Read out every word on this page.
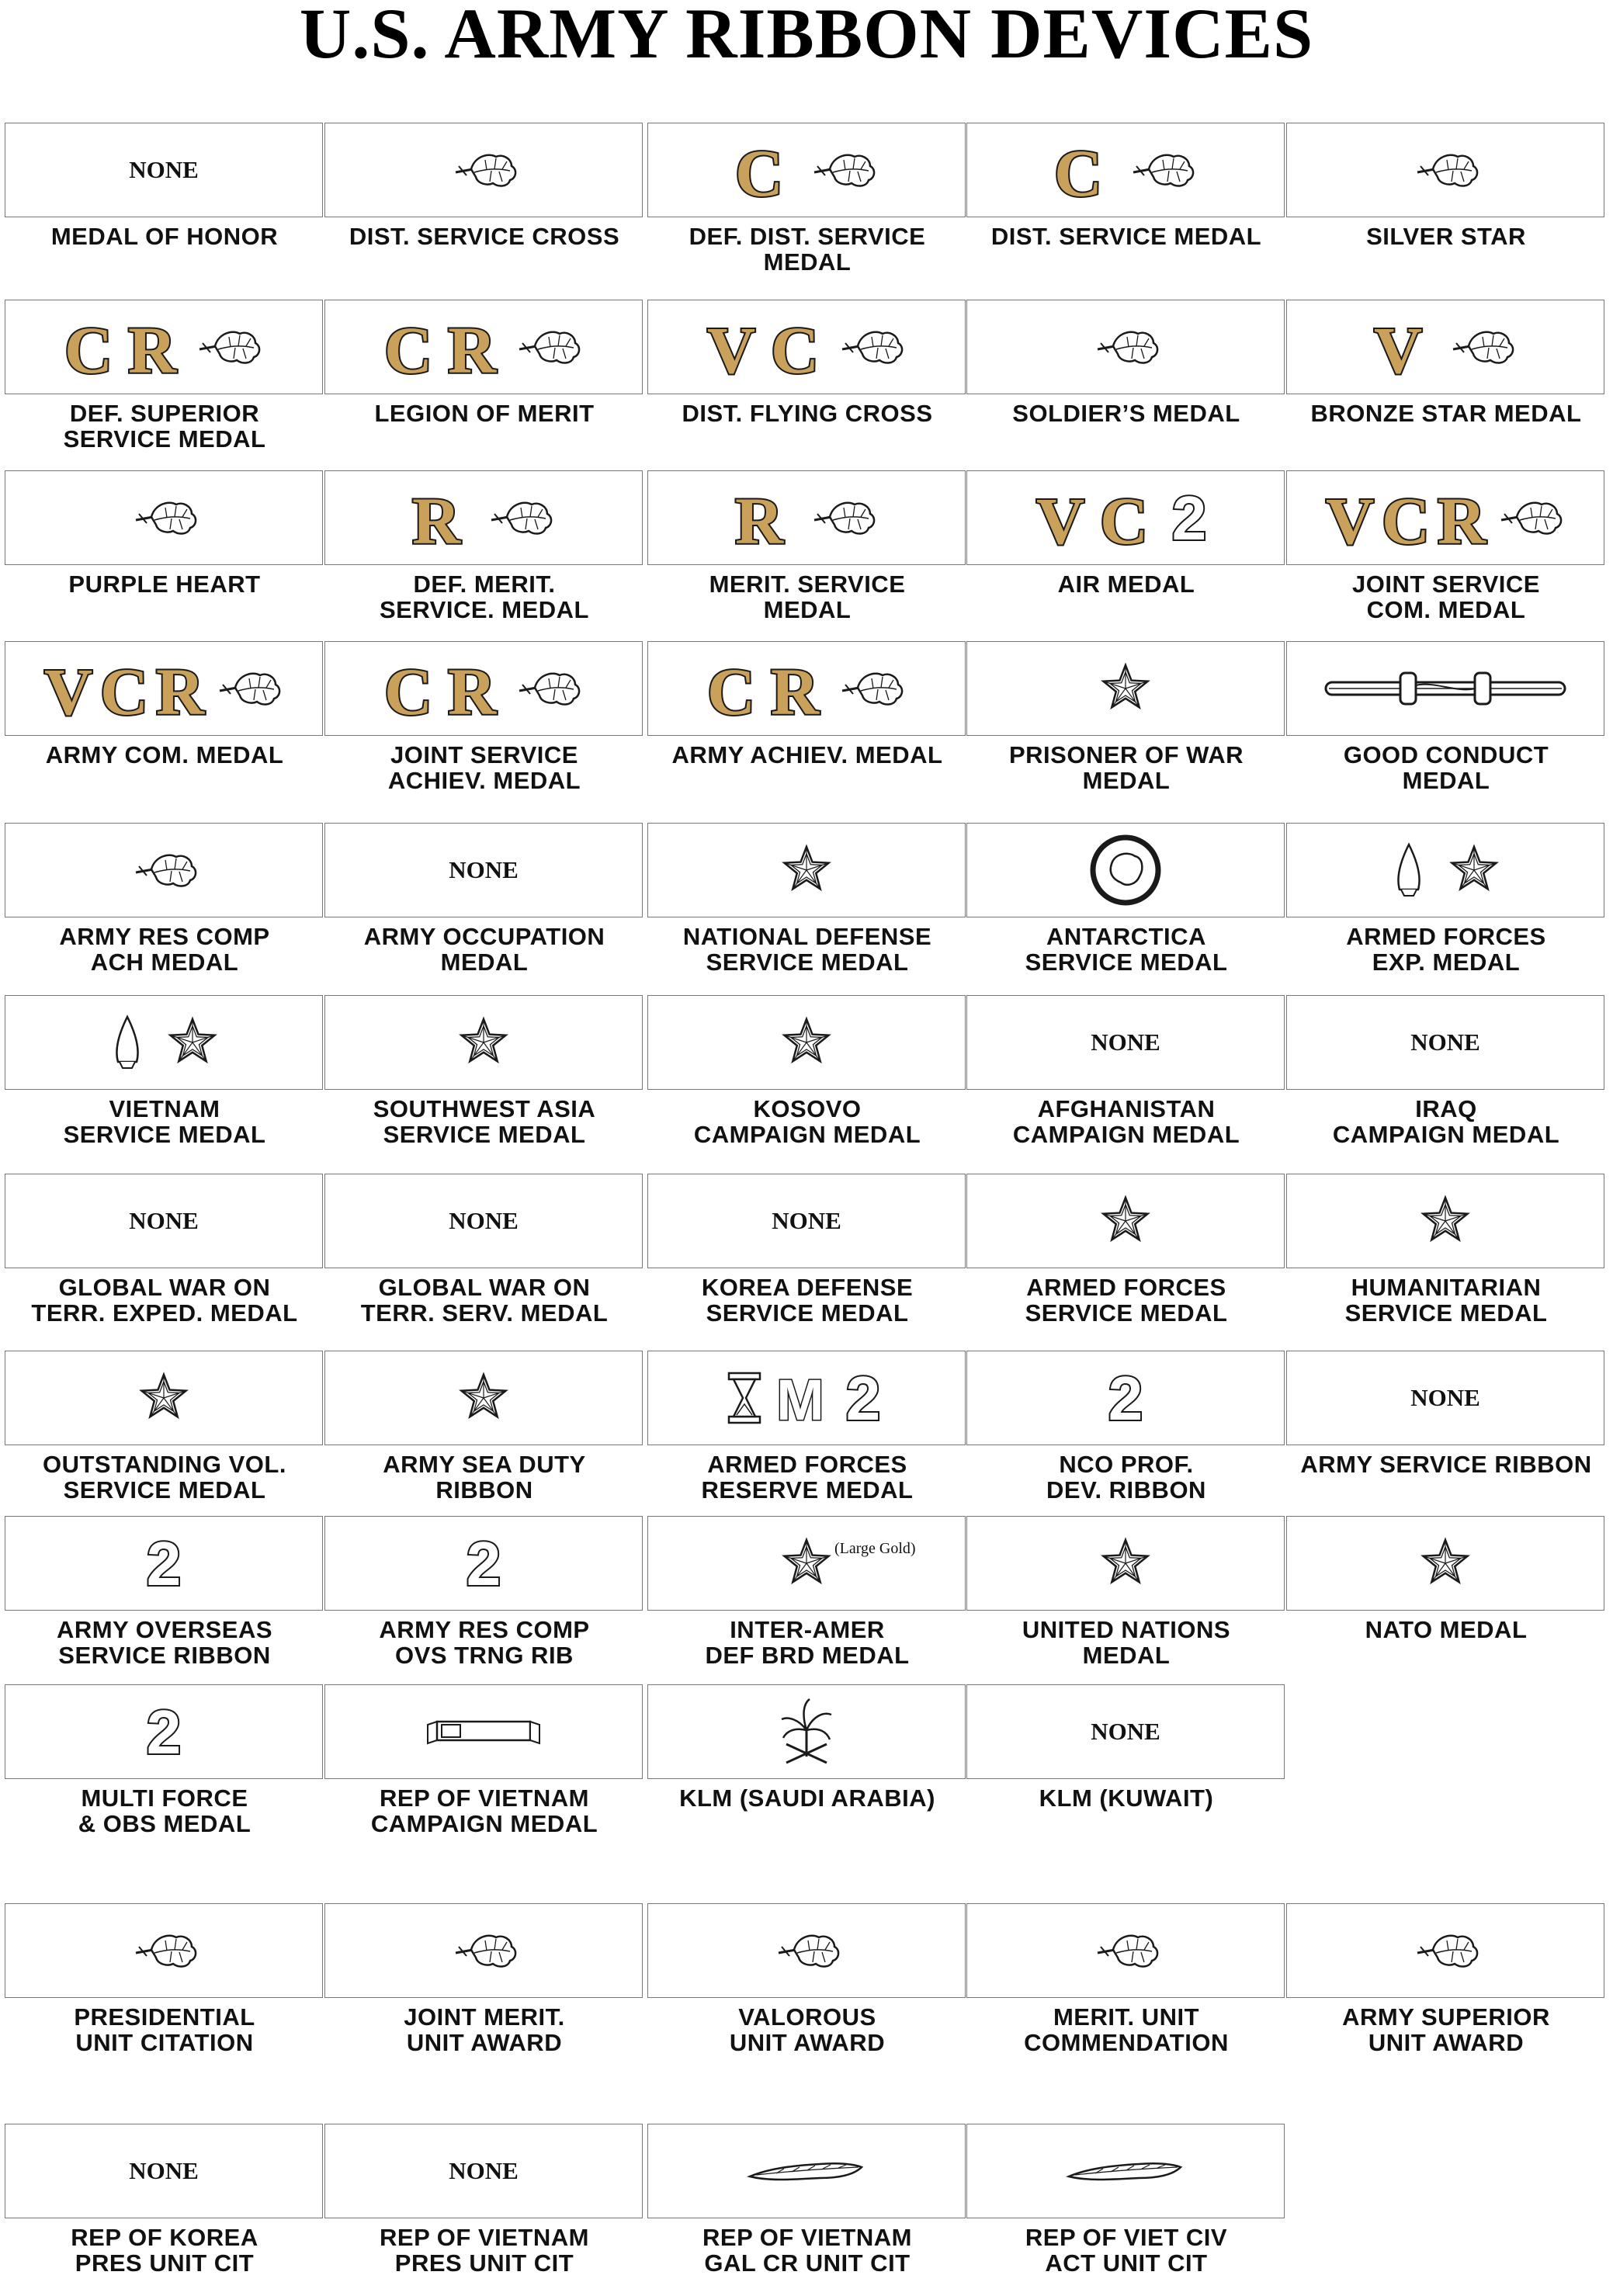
U.S. ARMY RIBBON DEVICES
NONE
MEDAL OF HONOR	DIST. SERVICE CROSS
C
DEF. DIST. SERVICE
MEDAL
C
DIST. SERVICE MEDAL	SILVER STAR
C R
DEF. SUPERIOR
SERVICE MEDAL
C R
LEGION OF MERIT
V C
DIST. FLYING CROSS	SOLDIER’S MEDAL
V
BRONZE STAR MEDAL
PURPLE HEART
R
DEF. MERIT.
SERVICE. MEDAL
R
MERIT. SERVICE
MEDAL
V C 2
AIR MEDAL
V C R
JOINT SERVICE
COM. MEDAL
V C R
ARMY COM. MEDAL
C R
JOINT SERVICE
ACHIEV. MEDAL
C R
ARMY ACHIEV. MEDAL	PRISONER OF WAR
MEDAL
GOOD CONDUCT
MEDAL
ARMY RES COMP
ACH MEDAL
NONE
ARMY OCCUPATION
MEDAL
NATIONAL DEFENSE
SERVICE MEDAL
ANTARCTICA
SERVICE MEDAL
ARMED FORCES
EXP. MEDAL
VIETNAM
SERVICE MEDAL
SOUTHWEST ASIA
SERVICE MEDAL
KOSOVO
CAMPAIGN MEDAL
NONE
AFGHANISTAN
CAMPAIGN MEDAL
NONE
IRAQ
CAMPAIGN MEDAL
NONE
GLOBAL WAR ON
TERR. EXPED. MEDAL
NONE
GLOBAL WAR ON
TERR. SERV. MEDAL
NONE
KOREA DEFENSE
SERVICE MEDAL
ARMED FORCES
SERVICE MEDAL
HUMANITARIAN
SERVICE MEDAL
OUTSTANDING VOL.
SERVICE MEDAL
ARMY SEA DUTY
RIBBON
M 2
ARMED FORCES
RESERVE MEDAL
2
NCO PROF.
DEV. RIBBON
NONE
ARMY SERVICE RIBBON
2
ARMY OVERSEAS
SERVICE RIBBON
2
ARMY RES COMP
OVS TRNG RIB
(Large Gold)
INTER-AMER
DEF BRD MEDAL
UNITED NATIONS
MEDAL
NATO MEDAL
2
MULTI FORCE
& OBS MEDAL
REP OF VIETNAM
CAMPAIGN MEDAL
KLM (SAUDI ARABIA)
NONE
KLM (KUWAIT)
PRESIDENTIAL
UNIT CITATION
JOINT MERIT.
UNIT AWARD
VALOROUS
UNIT AWARD
MERIT. UNIT
COMMENDATION
ARMY SUPERIOR
UNIT AWARD
NONE
REP OF KOREA
PRES UNIT CIT
NONE
REP OF VIETNAM
PRES UNIT CIT
REP OF VIETNAM
GAL CR UNIT CIT
REP OF VIET CIV
ACT UNIT CIT
